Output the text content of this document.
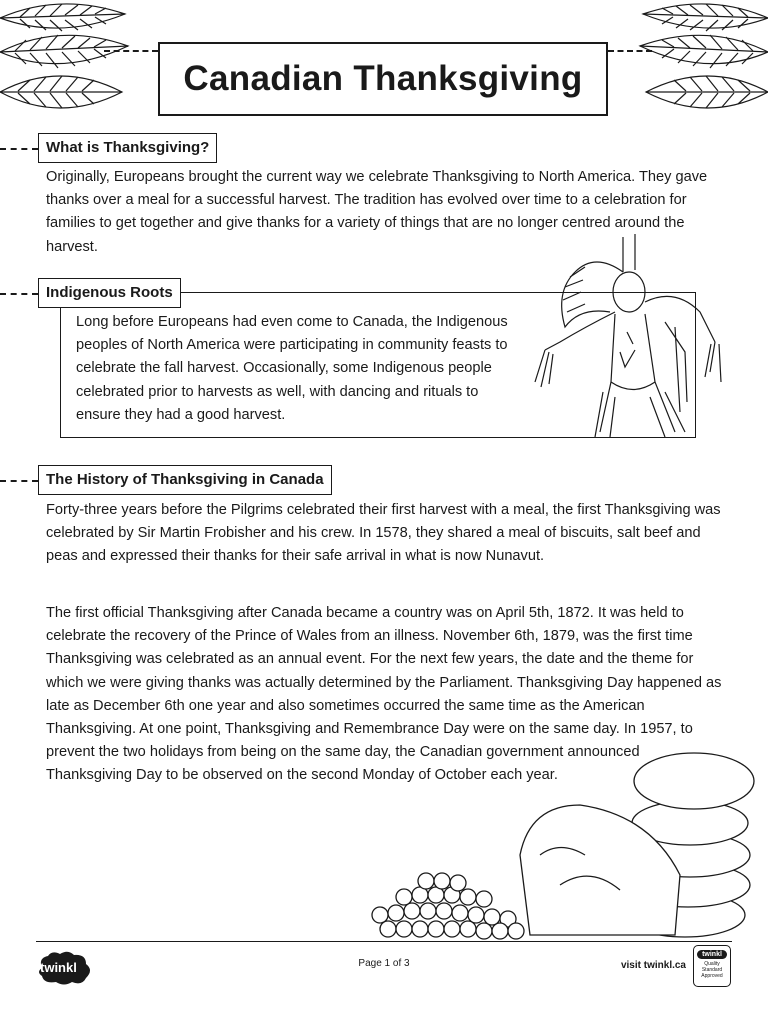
Canadian Thanksgiving
What is Thanksgiving?

Originally, Europeans brought the current way we celebrate Thanksgiving to North America. They gave thanks over a meal for a successful harvest. The tradition has evolved over time to a celebration for families to get together and give thanks for a variety of things that are no longer centred around the harvest.

Indigenous Roots

Long before Europeans had even come to Canada, the Indigenous peoples of North America were participating in community feasts to celebrate the fall harvest. Occasionally, some Indigenous people celebrated prior to harvests as well, with dancing and rituals to ensure they had a good harvest.

The History of Thanksgiving in Canada

Forty-three years before the Pilgrims celebrated their first harvest with a meal, the first Thanksgiving was celebrated by Sir Martin Frobisher and his crew. In 1578, they shared a meal of biscuits, salt beef and peas and expressed their thanks for their safe arrival in what is now Nunavut.

The first official Thanksgiving after Canada became a country was on April 5th, 1872. It was held to celebrate the recovery of the Prince of Wales from an illness. November 6th, 1879, was the first time Thanksgiving was celebrated as an annual event. For the next few years, the date and the theme for which we were giving thanks was actually determined by the Parliament. Thanksgiving Day happened as late as December 6th one year and also sometimes occurred the same time as the American Thanksgiving. At one point, Thanksgiving and Remembrance Day were on the same day. In 1957, to prevent the two holidays from being on the same day, the Canadian government announced Thanksgiving Day to be observed on the second Monday of October each year.

twinkl	Page 1 of 3	visit twinkl.ca
twinkl
Quality Standard Approved
